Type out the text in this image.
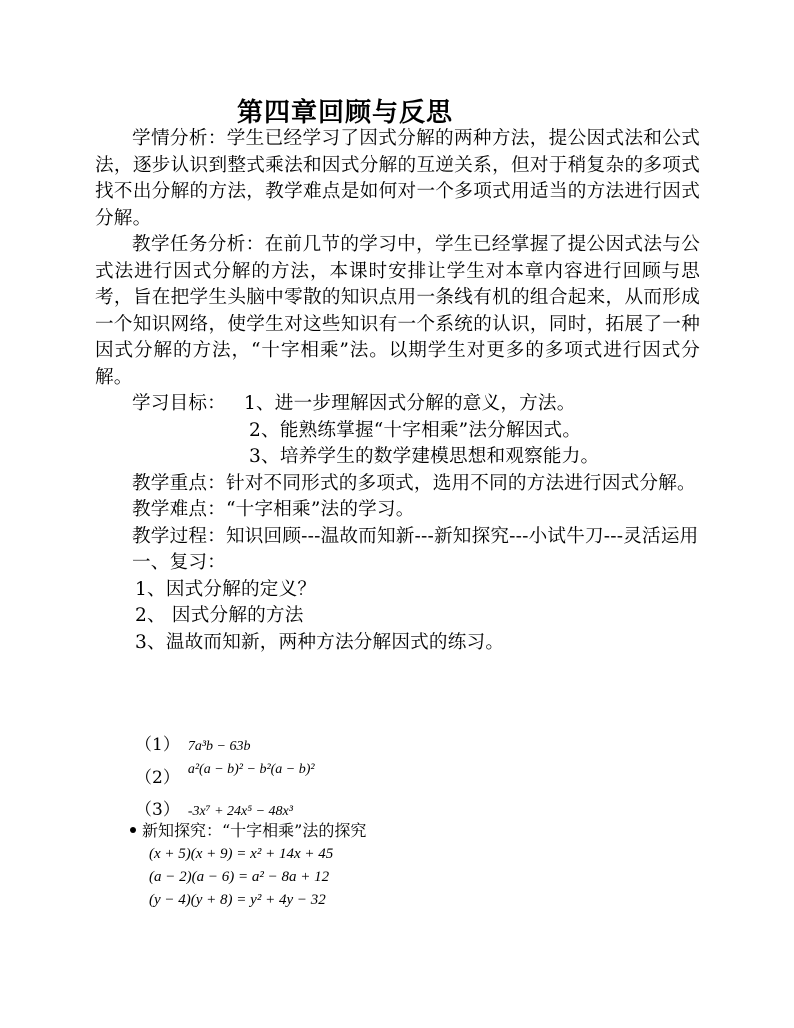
第四章回顾与反思

学情分析：学生已经学习了因式分解的两种方法，提公因式法和公式法，逐步认识到整式乘法和因式分解的互逆关系，但对于稍复杂的多项式找不出分解的方法，教学难点是如何对一个多项式用适当的方法进行因式分解。

教学任务分析：在前几节的学习中，学生已经掌握了提公因式法与公式法进行因式分解的方法，本课时安排让学生对本章内容进行回顾与思考，旨在把学生头脑中零散的知识点用一条线有机的组合起来，从而形成一个知识网络，使学生对这些知识有一个系统的认识，同时，拓展了一种因式分解的方法，“十字相乘”法。以期学生对更多的多项式进行因式分解。

学习目标： 1、进一步理解因式分解的意义，方法。

2、能熟练掌握“十字相乘”法分解因式。

3、培养学生的数学建模思想和观察能力。

教学重点：针对不同形式的多项式，选用不同的方法进行因式分解。

教学难点：“十字相乘”法的学习。

教学过程：知识回顾---温故而知新---新知探究---小试牛刀---灵活运用

一、复习：

1、因式分解的定义？

2、 因式分解的方法

3、温故而知新，两种方法分解因式的练习。

（1） 7a³b − 63b
（2） $^{a^2(a - b)^2 - b^2(a - b)^2}$
（3） -3x⁷ + 24x⁵ − 48x³
新知探究：“十字相乘”法的探究
(x + 5)(x + 9) = x² + 14x + 45
(a − 2)(a − 6) = a² − 8a + 12
(y − 4)(y + 8) = y² + 4y − 32
